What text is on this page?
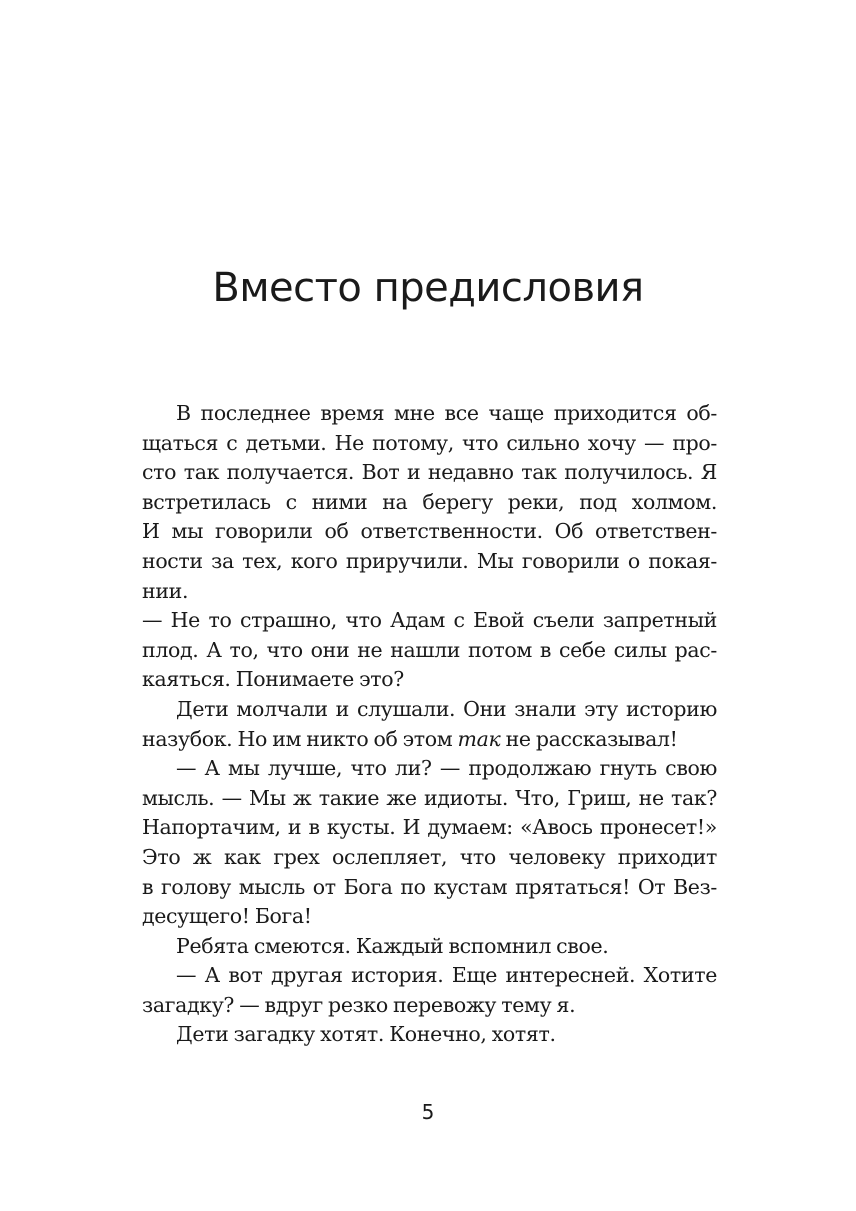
Вместо предисловия
В последнее время мне все чаще приходится об-
щаться с детьми. Не потому, что сильно хочу — про-
сто так получается. Вот и недавно так получилось. Я
встретилась с ними на берегу реки, под холмом.
И мы говорили об ответственности. Об ответствен-
ности за тех, кого приручили. Мы говорили о покая-
нии.
— Не то страшно, что Адам с Евой съели запретный
плод. А то, что они не нашли потом в себе силы рас-
каяться. Понимаете это?
Дети молчали и слушали. Они знали эту историю
назубок. Но им никто об этом так не рассказывал!
— А мы лучше, что ли? — продолжаю гнуть свою
мысль. — Мы ж такие же идиоты. Что, Гриш, не так?
Напортачим, и в кусты. И думаем: «Авось пронесет!»
Это ж как грех ослепляет, что человеку приходит
в голову мысль от Бога по кустам прятаться! От Вез-
десущего! Бога!
Ребята смеются. Каждый вспомнил свое.
— А вот другая история. Еще интересней. Хотите
загадку? — вдруг резко перевожу тему я.
Дети загадку хотят. Конечно, хотят.
5
